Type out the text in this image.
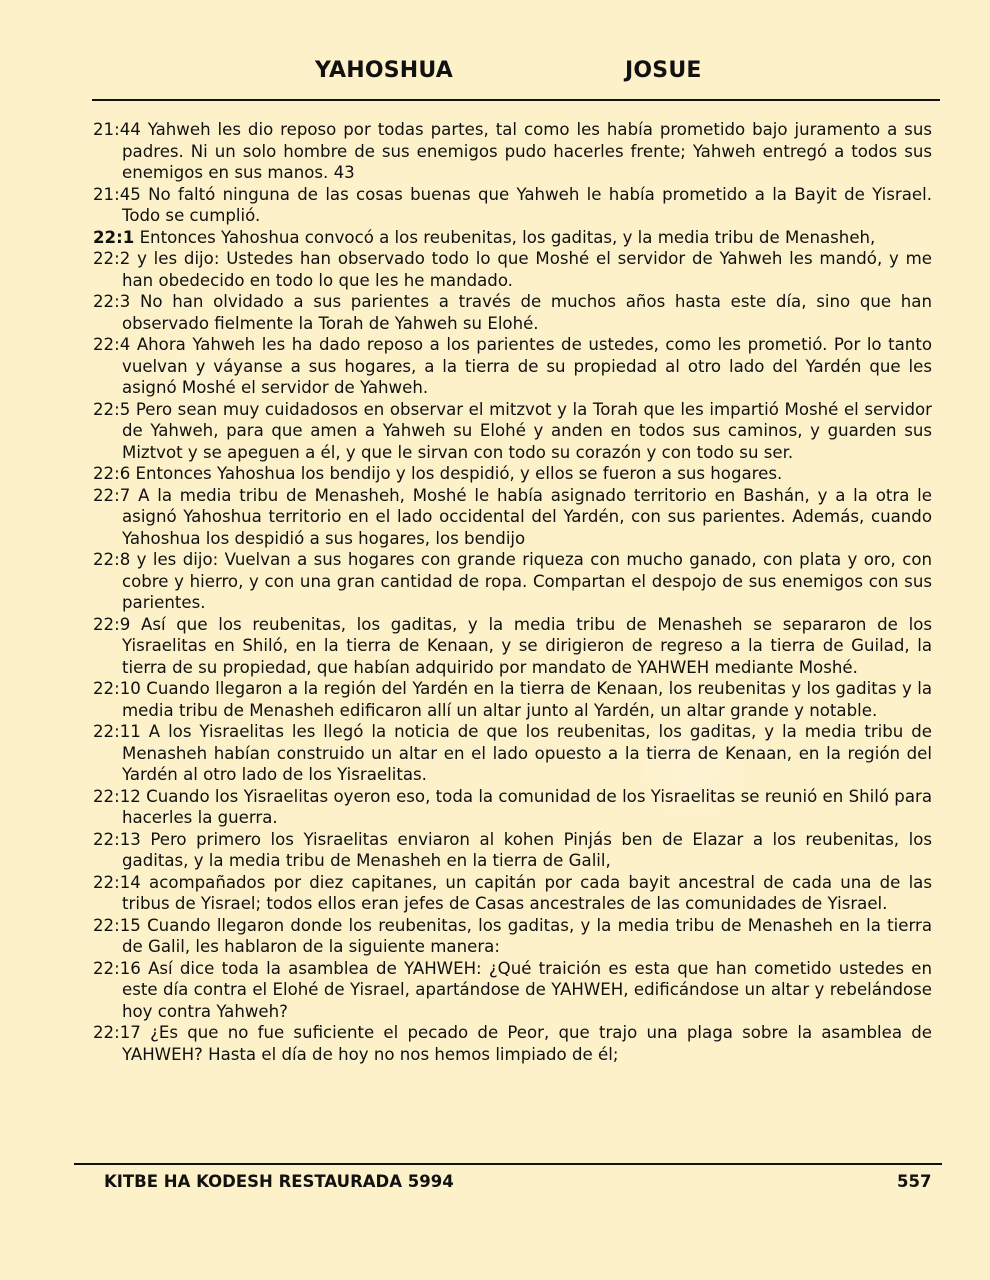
YAHOSHUA	JOSUE

21:44 Yahweh les dio reposo por todas partes, tal como les había prometido bajo juramento a sus padres. Ni un solo hombre de sus enemigos pudo hacerles frente; Yahweh entregó a todos sus enemigos en sus manos. 43

21:45 No faltó ninguna de las cosas buenas que Yahweh le había prometido a la Bayit de Yisrael. Todo se cumplió.

22:1 Entonces Yahoshua convocó a los reubenitas, los gaditas, y la media tribu de Menasheh,

22:2 y les dijo: Ustedes han observado todo lo que Moshé el servidor de Yahweh les mandó, y me han obedecido en todo lo que les he mandado.

22:3 No han olvidado a sus parientes a través de muchos años hasta este día, sino que han observado fielmente la Torah de Yahweh su Elohé.

22:4 Ahora Yahweh les ha dado reposo a los parientes de ustedes, como les prometió. Por lo tanto vuelvan y váyanse a sus hogares, a la tierra de su propiedad al otro lado del Yardén que les asignó Moshé el servidor de Yahweh.

22:5 Pero sean muy cuidadosos en observar el mitzvot y la Torah que les impartió Moshé el servidor de Yahweh, para que amen a Yahweh su Elohé y anden en todos sus caminos, y guarden sus Miztvot y se apeguen a él, y que le sirvan con todo su corazón y con todo su ser.

22:6 Entonces Yahoshua los bendijo y los despidió, y ellos se fueron a sus hogares.

22:7 A la media tribu de Menasheh, Moshé le había asignado territorio en Bashán, y a la otra le asignó Yahoshua territorio en el lado occidental del Yardén, con sus parientes. Además, cuando Yahoshua los despidió a sus hogares, los bendijo

22:8 y les dijo: Vuelvan a sus hogares con grande riqueza con mucho ganado, con plata y oro, con cobre y hierro, y con una gran cantidad de ropa. Compartan el despojo de sus enemigos con sus parientes.

22:9 Así que los reubenitas, los gaditas, y la media tribu de Menasheh se separaron de los Yisraelitas en Shiló, en la tierra de Kenaan, y se dirigieron de regreso a la tierra de Guilad, la tierra de su propiedad, que habían adquirido por mandato de YAHWEH mediante Moshé.

22:10 Cuando llegaron a la región del Yardén en la tierra de Kenaan, los reubenitas y los gaditas y la media tribu de Menasheh edificaron allí un altar junto al Yardén, un altar grande y notable.

22:11 A los Yisraelitas les llegó la noticia de que los reubenitas, los gaditas, y la media tribu de Menasheh habían construido un altar en el lado opuesto a la tierra de Kenaan, en la región del Yardén al otro lado de los Yisraelitas.

22:12 Cuando los Yisraelitas oyeron eso, toda la comunidad de los Yisraelitas se reunió en Shiló para hacerles la guerra.

22:13 Pero primero los Yisraelitas enviaron al kohen Pinjás ben de Elazar a los reubenitas, los gaditas, y la media tribu de Menasheh en la tierra de Galil,

22:14 acompañados por diez capitanes, un capitán por cada bayit ancestral de cada una de las tribus de Yisrael; todos ellos eran jefes de Casas ancestrales de las comunidades de Yisrael.

22:15 Cuando llegaron donde los reubenitas, los gaditas, y la media tribu de Menasheh en la tierra de Galil, les hablaron de la siguiente manera:

22:16 Así dice toda la asamblea de YAHWEH: ¿Qué traición es esta que han cometido ustedes en este día contra el Elohé de Yisrael, apartándose de YAHWEH, edificándose un altar y rebelándose hoy contra Yahweh?

22:17 ¿Es que no fue suficiente el pecado de Peor, que trajo una plaga sobre la asamblea de YAHWEH? Hasta el día de hoy no nos hemos limpiado de él;

KITBE HA KODESH RESTAURADA 5994	557
